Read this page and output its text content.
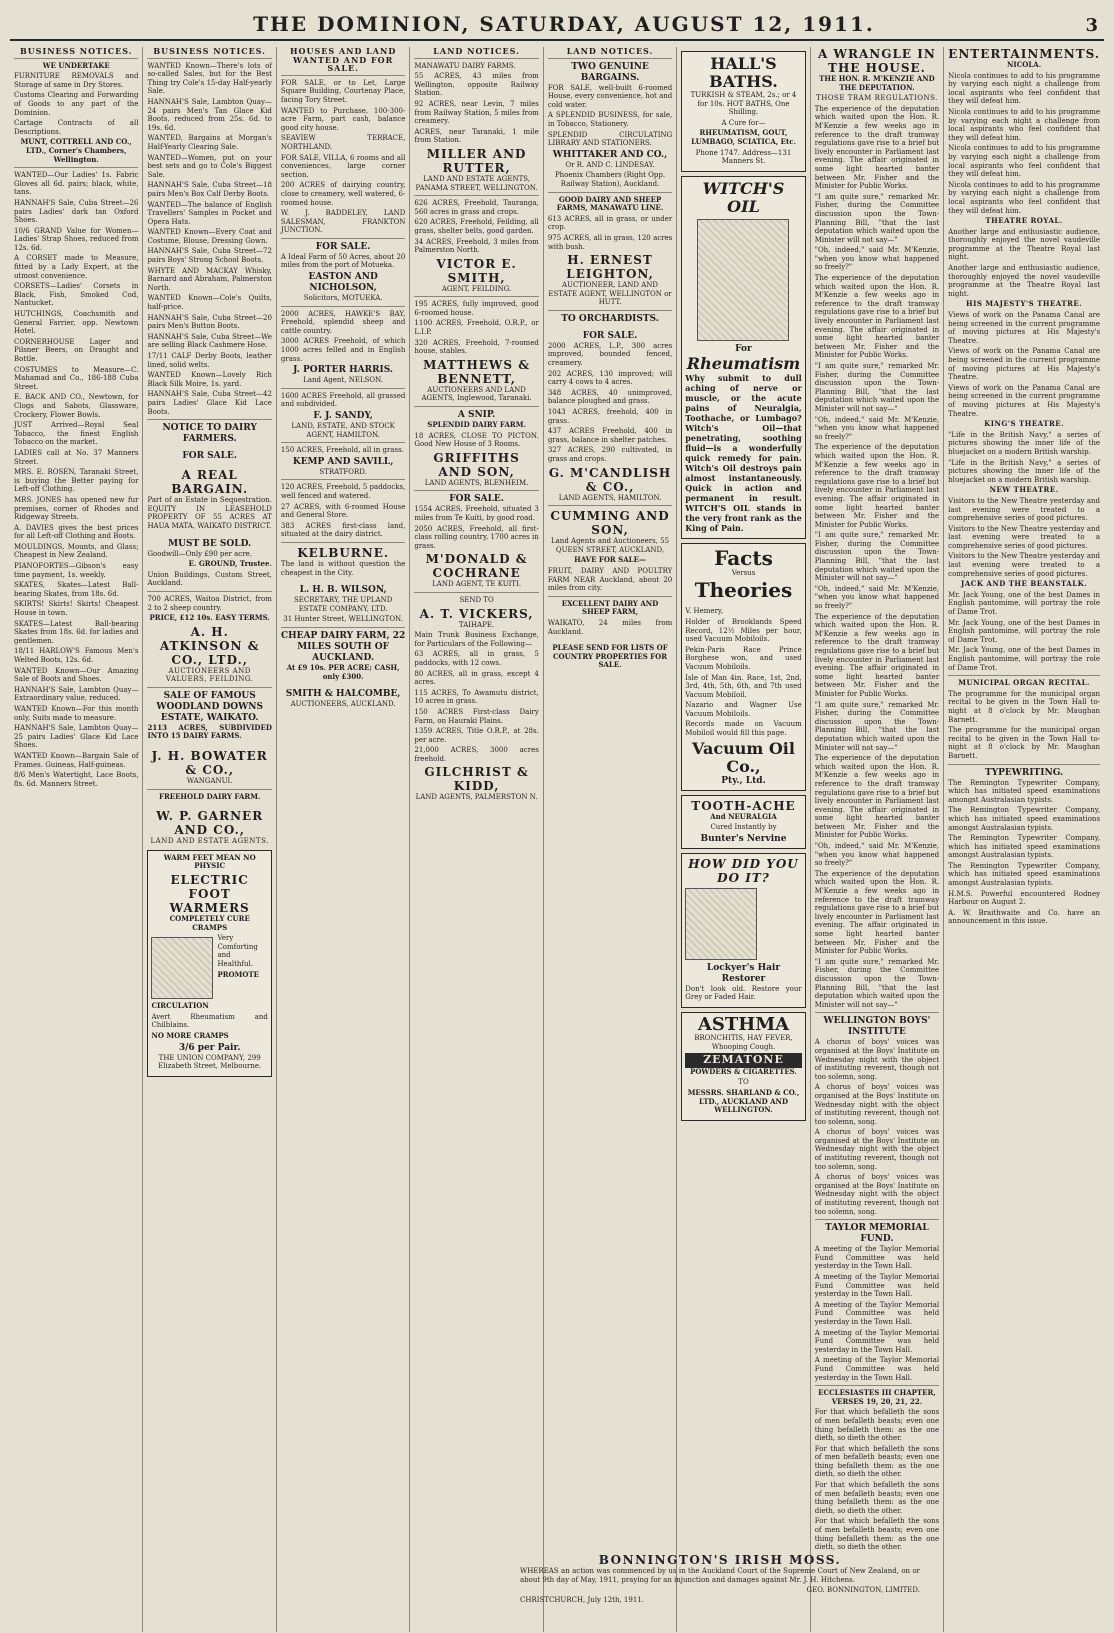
THE DOMINION, SATURDAY, AUGUST 12, 1911.	3
BUSINESS NOTICES.
WE UNDERTAKE
FURNITURE REMOVALS and Storage of same in Dry Stores.
Customs Clearing and Forwarding of Goods to any part of the Dominion.
Cartage Contracts of all Descriptions.
MUNT, COTTRELL AND CO., LTD., Corner's Chambers, Wellington.
WANTED—Our Ladies' 1s. Fabric Gloves all 6d. pairs; black, white, tans.
HANNAH'S Sale, Cuba Street—26 pairs Ladies' dark tan Oxford Shoes.
10/6 GRAND Value for Women—Ladies' Strap Shoes, reduced from 12s. 6d.
A CORSET made to Measure, fitted by a Lady Expert, at the utmost convenience.
CORSETS—Ladies' Corsets in Black, Fish, Smoked Cod, Nantucket.
HUTCHINGS, Coachsmith and General Farrier, opp. Newtown Hotel.
CORNERHOUSE Lager and Pilsner Beers, on Draught and Bottle.
COSTUMES to Measure—C. Mahamad and Co., 186-188 Cuba Street.
E. BACK AND CO., Newtown, for Clogs and Sabots, Glassware, Crockery, Flower Bowls.
JUST Arrived—Royal Seal Tobacco, the finest English Tobacco on the market.
LADIES call at No. 37 Manners Street.
MRS. E. ROSEN, Taranaki Street, is buying the Better paying for Left-off Clothing.
MRS. JONES has opened new fur premises, corner of Rhodes and Ridgeway Streets.
A. DAVIES gives the best prices for all Left-off Clothing and Boots.
MOULDINGS, Mounts, and Glass; Cheapest in New Zealand.
PIANOFORTES—Gibson's easy time payment, 1s. weekly.
SKATES, Skates—Latest Ball-bearing Skates, from 18s. 6d.
SKIRTS! Skirts! Skirts! Cheapest House in town.
SKATES—Latest Ball-bearing Skates from 18s. 6d. for ladies and gentlemen.
18/11 HARLOW'S Famous Men's Welted Boots, 12s. 6d.
WANTED Known—Our Amazing Sale of Boots and Shoes.
HANNAH'S Sale, Lambton Quay—Extraordinary value, reduced.
WANTED Known—For this month only, Suits made to measure.
HANNAH'S Sale, Lambton Quay—25 pairs Ladies' Glace Kid Lace Shoes.
WANTED Known—Bargain Sale of Frames. Guineas, Half-guineas.
8/6 Men's Watertight, Lace Boots, 8s. 6d. Manners Street.
BUSINESS NOTICES.
WANTED Known—There's lots of so-called Sales, but for the Best Thing try Cole's 15-day Half-yearly Sale.
HANNAH'S Sale, Lambton Quay—24 pairs Men's Tan Glace Kid Boots, reduced from 25s. 6d. to 19s. 6d.
WANTED, Bargains at Morgan's Half-Yearly Clearing Sale.
WANTED—Women, put on your best sets and go to Cole's Biggest Sale.
HANNAH'S Sale, Cuba Street—18 pairs Men's Box Calf Derby Boots.
WANTED—The balance of English Travellers' Samples in Pocket and Opera Hats.
WANTED Known—Every Coat and Costume, Blouse, Dressing Gown.
HANNAH'S Sale, Cuba Street—72 pairs Boys' Strong School Boots.
WHYTE AND MACKAY Whisky, Barnard and Abraham, Palmerston North.
WANTED Known—Cole's Quilts, half-price.
HANNAH'S Sale, Cuba Street—20 pairs Men's Button Boots.
HANNAH'S Sale, Cuba Street—We are selling Black Cashmere Hose.
17/11 CALF Derby Boots, leather lined, solid welts.
WANTED Known—Lovely Rich Black Silk Moire, 1s. yard.
HANNAH'S Sale, Cuba Street—42 pairs Ladies' Glace Kid Lace Boots.
NOTICE TO DAIRY FARMERS.
FOR SALE.
A REAL BARGAIN.
Part of an Estate in Sequestration. EQUITY IN LEASEHOLD PROPERTY OF 55 ACRES AT HAUA MATA, WAIKATO DISTRICT.
MUST BE SOLD.
Goodwill—Only £90 per acre.
E. GROUND, Trustee.
Union Buildings, Custom Street, Auckland.
700 ACRES, Waitoa District, from 2 to 2 sheep country.
PRICE, £12 10s. EASY TERMS.
A. H. ATKINSON & CO., LTD.,
AUCTIONEERS AND VALUERS, FEILDING.
SALE OF FAMOUS WOODLAND DOWNS ESTATE, WAIKATO.
2113 ACRES, SUBDIVIDED INTO 15 DAIRY FARMS.
J. H. BOWATER & CO.,
WANGANUI.
FREEHOLD DAIRY FARM.
W. P. GARNER AND CO.,
LAND AND ESTATE AGENTS.
WARM FEET MEAN NO PHYSIC
ELECTRIC FOOT WARMERS
COMPLETELY CURE CRAMPS
Very Comforting and Healthful.
PROMOTE CIRCULATION
Avert Rheumatism and Chilblains.
NO MORE CRAMPS
3/6 per Pair.
THE UNION COMPANY, 299 Elizabeth Street, Melbourne.
HOUSES AND LAND WANTED AND FOR SALE.
FOR SALE, or to Let, Large Square Building, Courtenay Place, facing Tory Street.
WANTED to Purchase, 100-300-acre Farm, part cash, balance good city house.
SEAVIEW TERRACE, NORTHLAND.
FOR SALE, VILLA, 6 rooms and all conveniences, large corner section.
200 ACRES of dairying country, close to creamery, well watered, 6-roomed house.
W. J. BADDELEY, LAND SALESMAN, FRANKTON JUNCTION.
FOR SALE.
A Ideal Farm of 50 Acres, about 20 miles from the port of Motueka.
EASTON AND NICHOLSON,
Solicitors, MOTUEKA.
2000 ACRES, HAWKE'S BAY, Freehold, splendid sheep and cattle country.
3000 ACRES Freehold, of which 1000 acres felled and in English grass.
J. PORTER HARRIS.
Land Agent, NELSON.
1600 ACRES Freehold, all grassed and subdivided.
F. J. SANDY,
LAND, ESTATE, AND STOCK AGENT, HAMILTON.
150 ACRES, Freehold, all in grass.
KEMP AND SAVILL,
STRATFORD.
120 ACRES, Freehold, 5 paddocks, well fenced and watered.
27 ACRES, with 6-roomed House and General Store.
383 ACRES first-class land, situated at the dairy district.
KELBURNE.
The land is without question the cheapest in the City.
L. H. B. WILSON,
SECRETARY, THE UPLAND ESTATE COMPANY, LTD.
31 Hunter Street, WELLINGTON.
CHEAP DAIRY FARM, 22 MILES SOUTH OF AUCKLAND.
At £9 10s. PER ACRE; CASH, only £300.
SMITH & HALCOMBE,
AUCTIONEERS, AUCKLAND.
LAND NOTICES.
MANAWATU DAIRY FARMS.
55 ACRES, 43 miles from Wellington, opposite Railway Station.
92 ACRES, near Levin, 7 miles from Railway Station, 5 miles from creamery.
ACRES, near Taranaki, 1 mile from Station.
MILLER AND RUTTER,
LAND AND ESTATE AGENTS, PANAMA STREET, WELLINGTON.
626 ACRES, Freehold, Tauranga, 560 acres in grass and crops.
620 ACRES, Freehold, Feilding, all grass, shelter belts, good garden.
34 ACRES, Freehold, 3 miles from Palmerston North.
VICTOR E. SMITH,
AGENT, FEILDING.
195 ACRES, fully improved, good 6-roomed house.
1100 ACRES, Freehold, O.R.P., or L.I.P.
320 ACRES, Freehold, 7-roomed house, stables.
MATTHEWS & BENNETT,
AUCTIONEERS AND LAND AGENTS, Inglewood, Taranaki.
A SNIP.
SPLENDID DAIRY FARM.
18 ACRES, CLOSE TO PICTON. Good New House of 3 Rooms.
GRIFFITHS AND SON,
LAND AGENTS, BLENHEIM.
FOR SALE.
1554 ACRES, Freehold, situated 3 miles from Te Kuiti, by good road.
2050 ACRES, Freehold, all first-class rolling country, 1700 acres in grass.
M'DONALD & COCHRANE
LAND AGENT, TE KUITI.
SEND TO
A. T. VICKERS,
TAIHAPE.
Main Trunk Business Exchange, for Particulars of the Following—
63 ACRES, all in grass, 5 paddocks, with 12 cows.
80 ACRES, all in grass, except 4 acres.
115 ACRES, To Awamutu district, 10 acres in grass.
150 ACRES First-class Dairy Farm, on Hauraki Plains.
1359 ACRES, Title O.R.P., at 28s. per acre.
21,000 ACRES, 3000 acres freehold.
GILCHRIST & KIDD,
LAND AGENTS, PALMERSTON N.
LAND NOTICES.
TWO GENUINE BARGAINS.
FOR SALE, well-built 6-roomed House, every convenience, hot and cold water.
A SPLENDID BUSINESS, for sale, in Tobacco, Stationery.
SPLENDID CIRCULATING LIBRARY AND STATIONERS.
WHITTAKER AND CO.,
Or R. AND C. LINDESAY.
Phoenix Chambers (Right Opp. Railway Station), Auckland.
GOOD DAIRY AND SHEEP FARMS, MANAWATU LINE.
613 ACRES, all in grass, or under crop.
975 ACRES, all in grass, 120 acres with bush.
H. ERNEST LEIGHTON,
AUCTIONEER, LAND AND ESTATE AGENT, WELLINGTON or HUTT.
TO ORCHARDISTS.
FOR SALE.
2000 ACRES, L.P., 300 acres improved, bounded fenced, creamery.
202 ACRES, 130 improved; will carry 4 cows to 4 acres.
348 ACRES, 40 unimproved, balance ploughed and grass.
1043 ACRES, freehold, 400 in grass.
437 ACRES Freehold, 400 in grass, balance in shelter patches.
327 ACRES, 290 cultivated, in grass and crops.
G. M'CANDLISH & CO.,
LAND AGENTS, HAMILTON.
CUMMING AND SON,
Land Agents and Auctioneers, 55 QUEEN STREET, AUCKLAND,
HAVE FOR SALE—
FRUIT, DAIRY AND POULTRY FARM NEAR Auckland, about 20 miles from city.
EXCELLENT DAIRY AND SHEEP FARM,
WAIKATO, 24 miles from Auckland.
PLEASE SEND FOR LISTS OF COUNTRY PROPERTIES FOR SALE.
HALL'S BATHS.
TURKISH & STEAM, 2s.; or 4 for 10s. HOT BATHS, One Shilling.
A Cure for—
RHEUMATISM, GOUT, LUMBAGO, SCIATICA, Etc.
Phone 1747. Address—131 Manners St.
WITCH'S OIL
For
Rheumatism
Why submit to dull aching of nerve or muscle, or the acute pains of Neuralgia, Toothache, or Lumbago? Witch's Oil—that penetrating, soothing fluid—is a wonderfully quick remedy for pain. Witch's Oil destroys pain almost instantaneously. Quick in action and permanent in result. WITCH'S OIL stands in the very front rank as the King of Pain.
Facts
Versus
Theories
V. Hemery,
Holder of Brooklands Speed Record, 12½ Miles per hour, used Vacuum Mobiloils.
Pekin-Paris Race Prince Borghese won, and used Vacuum Mobiloils.
Isle of Man 4in. Race, 1st, 2nd, 3rd, 4th, 5th, 6th, and 7th used Vacuum Mobiloil.
Nazario and Wagner Use Vacuum Mobiloils.
Records made on Vacuum Mobiloil would fill this page.
Vacuum Oil Co.,
Pty., Ltd.
TOOTH-ACHE
And NEURALGIA
Cured Instantly by
Bunter's Nervine
HOW DID YOU DO IT?
Lockyer's Hair Restorer
Don't look old. Restore your Grey or Faded Hair.
ASTHMA
BRONCHITIS, HAY FEVER, Whooping Cough.
ZEMATONE
POWDERS & CIGARETTES.
TO
MESSRS. SHARLAND & CO., LTD., AUCKLAND AND WELLINGTON.
A WRANGLE IN THE HOUSE.
THE HON. R. M'KENZIE AND THE DEPUTATION.
THOSE TRAM REGULATIONS.
The experience of the deputation which waited upon the Hon. R. M'Kenzie a few weeks ago in reference to the draft tramway regulations gave rise to a brief but lively encounter in Parliament last evening. The affair originated in some light hearted banter between Mr. Fisher and the Minister for Public Works.
"I am quite sure," remarked Mr. Fisher, during the Committee discussion upon the Town-Planning Bill, "that the last deputation which waited upon the Minister will not say—"
"Oh, indeed," said Mr. M'Kenzie, "when you know what happened so freely?"
The experience of the deputation which waited upon the Hon. R. M'Kenzie a few weeks ago in reference to the draft tramway regulations gave rise to a brief but lively encounter in Parliament last evening. The affair originated in some light hearted banter between Mr. Fisher and the Minister for Public Works.
"I am quite sure," remarked Mr. Fisher, during the Committee discussion upon the Town-Planning Bill, "that the last deputation which waited upon the Minister will not say—"
"Oh, indeed," said Mr. M'Kenzie, "when you know what happened so freely?"
The experience of the deputation which waited upon the Hon. R. M'Kenzie a few weeks ago in reference to the draft tramway regulations gave rise to a brief but lively encounter in Parliament last evening. The affair originated in some light hearted banter between Mr. Fisher and the Minister for Public Works.
"I am quite sure," remarked Mr. Fisher, during the Committee discussion upon the Town-Planning Bill, "that the last deputation which waited upon the Minister will not say—"
"Oh, indeed," said Mr. M'Kenzie, "when you know what happened so freely?"
The experience of the deputation which waited upon the Hon. R. M'Kenzie a few weeks ago in reference to the draft tramway regulations gave rise to a brief but lively encounter in Parliament last evening. The affair originated in some light hearted banter between Mr. Fisher and the Minister for Public Works.
"I am quite sure," remarked Mr. Fisher, during the Committee discussion upon the Town-Planning Bill, "that the last deputation which waited upon the Minister will not say—"
The experience of the deputation which waited upon the Hon. R. M'Kenzie a few weeks ago in reference to the draft tramway regulations gave rise to a brief but lively encounter in Parliament last evening. The affair originated in some light hearted banter between Mr. Fisher and the Minister for Public Works.
"Oh, indeed," said Mr. M'Kenzie, "when you know what happened so freely?"
The experience of the deputation which waited upon the Hon. R. M'Kenzie a few weeks ago in reference to the draft tramway regulations gave rise to a brief but lively encounter in Parliament last evening. The affair originated in some light hearted banter between Mr. Fisher and the Minister for Public Works.
"I am quite sure," remarked Mr. Fisher, during the Committee discussion upon the Town-Planning Bill, "that the last deputation which waited upon the Minister will not say—"
WELLINGTON BOYS' INSTITUTE
A chorus of boys' voices was organised at the Boys' Institute on Wednesday night with the object of instituting reverent, though not too solemn, song.
A chorus of boys' voices was organised at the Boys' Institute on Wednesday night with the object of instituting reverent, though not too solemn, song.
A chorus of boys' voices was organised at the Boys' Institute on Wednesday night with the object of instituting reverent, though not too solemn, song.
A chorus of boys' voices was organised at the Boys' Institute on Wednesday night with the object of instituting reverent, though not too solemn, song.
TAYLOR MEMORIAL FUND.
A meeting of the Taylor Memorial Fund Committee was held yesterday in the Town Hall.
A meeting of the Taylor Memorial Fund Committee was held yesterday in the Town Hall.
A meeting of the Taylor Memorial Fund Committee was held yesterday in the Town Hall.
A meeting of the Taylor Memorial Fund Committee was held yesterday in the Town Hall.
A meeting of the Taylor Memorial Fund Committee was held yesterday in the Town Hall.
ECCLESIASTES III CHAPTER, VERSES 19, 20, 21, 22.
For that which befalleth the sons of men befalleth beasts; even one thing befalleth them: as the one dieth, so dieth the other.
For that which befalleth the sons of men befalleth beasts; even one thing befalleth them: as the one dieth, so dieth the other.
For that which befalleth the sons of men befalleth beasts; even one thing befalleth them: as the one dieth, so dieth the other.
For that which befalleth the sons of men befalleth beasts; even one thing befalleth them: as the one dieth, so dieth the other.
ENTERTAINMENTS.
NICOLA.
Nicola continues to add to his programme by varying each night a challenge from local aspirants who feel confident that they will defeat him.
Nicola continues to add to his programme by varying each night a challenge from local aspirants who feel confident that they will defeat him.
Nicola continues to add to his programme by varying each night a challenge from local aspirants who feel confident that they will defeat him.
Nicola continues to add to his programme by varying each night a challenge from local aspirants who feel confident that they will defeat him.
THEATRE ROYAL.
Another large and enthusiastic audience, thoroughly enjoyed the novel vaudeville programme at the Theatre Royal last night.
Another large and enthusiastic audience, thoroughly enjoyed the novel vaudeville programme at the Theatre Royal last night.
HIS MAJESTY'S THEATRE.
Views of work on the Panama Canal are being screened in the current programme of moving pictures at His Majesty's Theatre.
Views of work on the Panama Canal are being screened in the current programme of moving pictures at His Majesty's Theatre.
Views of work on the Panama Canal are being screened in the current programme of moving pictures at His Majesty's Theatre.
KING'S THEATRE.
"Life in the British Navy," a series of pictures showing the inner life of the bluejacket on a modern British warship.
"Life in the British Navy," a series of pictures showing the inner life of the bluejacket on a modern British warship.
NEW THEATRE.
Visitors to the New Theatre yesterday and last evening were treated to a comprehensive series of good pictures.
Visitors to the New Theatre yesterday and last evening were treated to a comprehensive series of good pictures.
Visitors to the New Theatre yesterday and last evening were treated to a comprehensive series of good pictures.
JACK AND THE BEANSTALK.
Mr. Jack Young, one of the best Dames in English pantomime, will portray the role of Dame Trot.
Mr. Jack Young, one of the best Dames in English pantomime, will portray the role of Dame Trot.
Mr. Jack Young, one of the best Dames in English pantomime, will portray the role of Dame Trot.
MUNICIPAL ORGAN RECITAL.
The programme for the municipal organ recital to be given in the Town Hall to-night at 8 o'clock by Mr. Maughan Barnett.
The programme for the municipal organ recital to be given in the Town Hall to-night at 8 o'clock by Mr. Maughan Barnett.
TYPEWRITING.
The Remington Typewriter Company, which has initiated speed examinations amongst Australasian typists.
The Remington Typewriter Company, which has initiated speed examinations amongst Australasian typists.
The Remington Typewriter Company, which has initiated speed examinations amongst Australasian typists.
The Remington Typewriter Company, which has initiated speed examinations amongst Australasian typists.
H.M.S. Powerful encountered Rodney Harbour on August 2.
A. W. Braithwaite and Co. have an announcement in this issue.
BONNINGTON'S IRISH MOSS.
WHEREAS an action was commenced by us in the Auckland Court of the Supreme Court of New Zealand, on or about 9th day of May, 1911, praying for an injunction and damages against Mr. J. H. Hitchens.
GEO. BONNINGTON, LIMITED.
CHRISTCHURCH, July 12th, 1911.
